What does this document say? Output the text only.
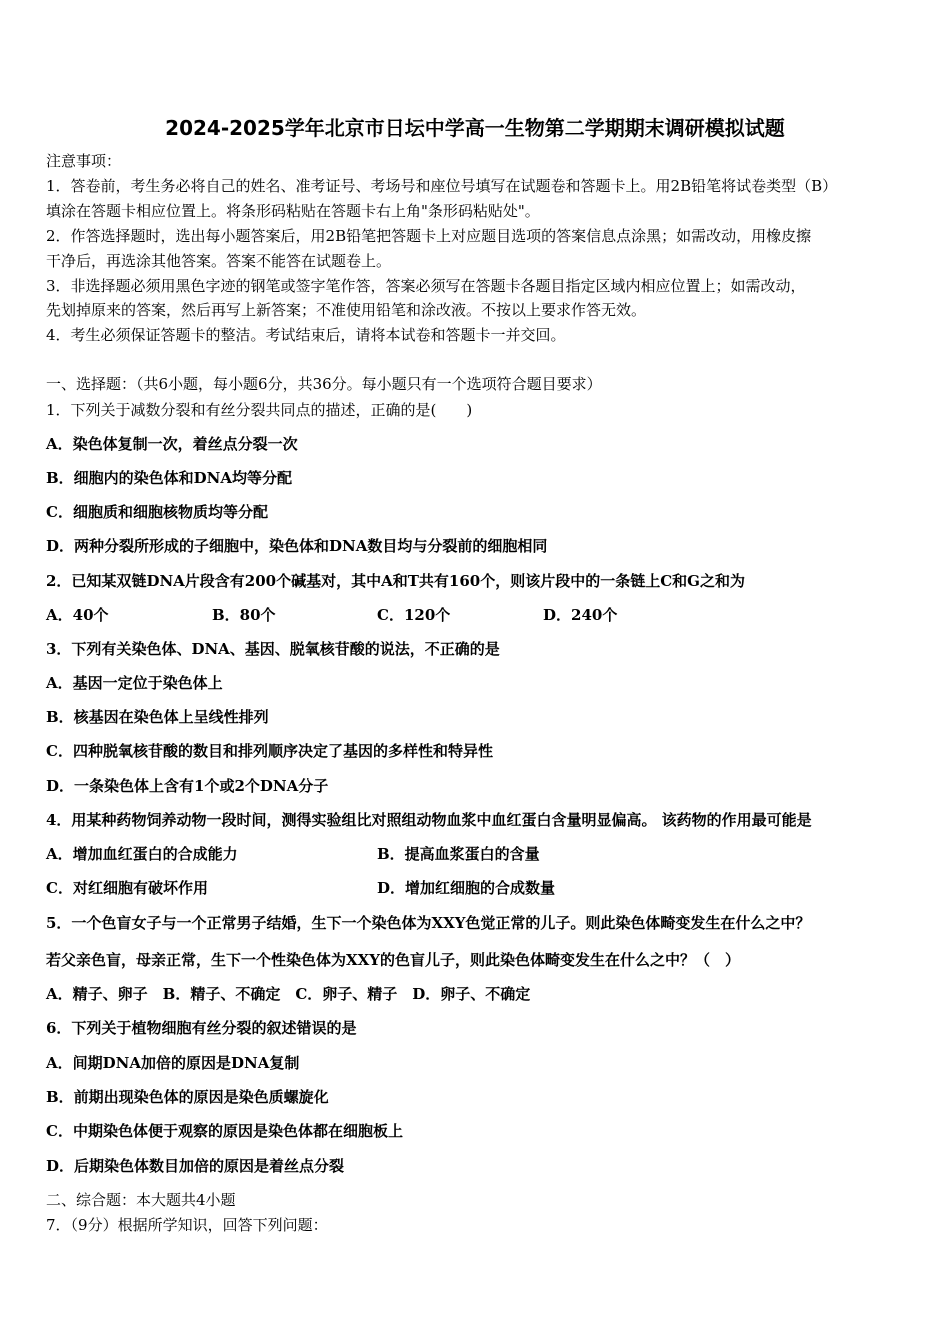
2024-2025学年北京市日坛中学高一生物第二学期期末调研模拟试题
注意事项：
1．答卷前，考生务必将自己的姓名、准考证号、考场号和座位号填写在试题卷和答题卡上。用2B铅笔将试卷类型（B）
填涂在答题卡相应位置上。将条形码粘贴在答题卡右上角"条形码粘贴处"。
2．作答选择题时，选出每小题答案后，用2B铅笔把答题卡上对应题目选项的答案信息点涂黑；如需改动，用橡皮擦
干净后，再选涂其他答案。答案不能答在试题卷上。
3．非选择题必须用黑色字迹的钢笔或签字笔作答，答案必须写在答题卡各题目指定区域内相应位置上；如需改动，
先划掉原来的答案，然后再写上新答案；不准使用铅笔和涂改液。不按以上要求作答无效。
4．考生必须保证答题卡的整洁。考试结束后，请将本试卷和答题卡一并交回。
一、选择题：（共6小题，每小题6分，共36分。每小题只有一个选项符合题目要求）
1．下列关于减数分裂和有丝分裂共同点的描述，正确的是(　　)
A．染色体复制一次，着丝点分裂一次
B．细胞内的染色体和DNA均等分配
C．细胞质和细胞核物质均等分配
D．两种分裂所形成的子细胞中，染色体和DNA数目均与分裂前的细胞相同
2．已知某双链DNA片段含有200个碱基对，其中A和T共有160个，则该片段中的一条链上C和G之和为
A．40个	B．80个	C．120个	D．240个
3．下列有关染色体、DNA、基因、脱氧核苷酸的说法，不正确的是
A．基因一定位于染色体上
B．核基因在染色体上呈线性排列
C．四种脱氧核苷酸的数目和排列顺序决定了基因的多样性和特异性
D．一条染色体上含有1个或2个DNA分子
4．用某种药物饲养动物一段时间，测得实验组比对照组动物血浆中血红蛋白含量明显偏高。 该药物的作用最可能是
A．增加血红蛋白的合成能力	B．提高血浆蛋白的含量
C．对红细胞有破坏作用	D．增加红细胞的合成数量
5．一个色盲女子与一个正常男子结婚，生下一个染色体为XXY色觉正常的儿子。则此染色体畸变发生在什么之中？
若父亲色盲，母亲正常，生下一个性染色体为XXY的色盲儿子，则此染色体畸变发生在什么之中？（　）
A．精子、卵子　B．精子、不确定　C．卵子、精子　D．卵子、不确定
6．下列关于植物细胞有丝分裂的叙述错误的是
A．间期DNA加倍的原因是DNA复制
B．前期出现染色体的原因是染色质螺旋化
C．中期染色体便于观察的原因是染色体都在细胞板上
D．后期染色体数目加倍的原因是着丝点分裂
二、综合题：本大题共4小题
7．（9分）根据所学知识，回答下列问题：
